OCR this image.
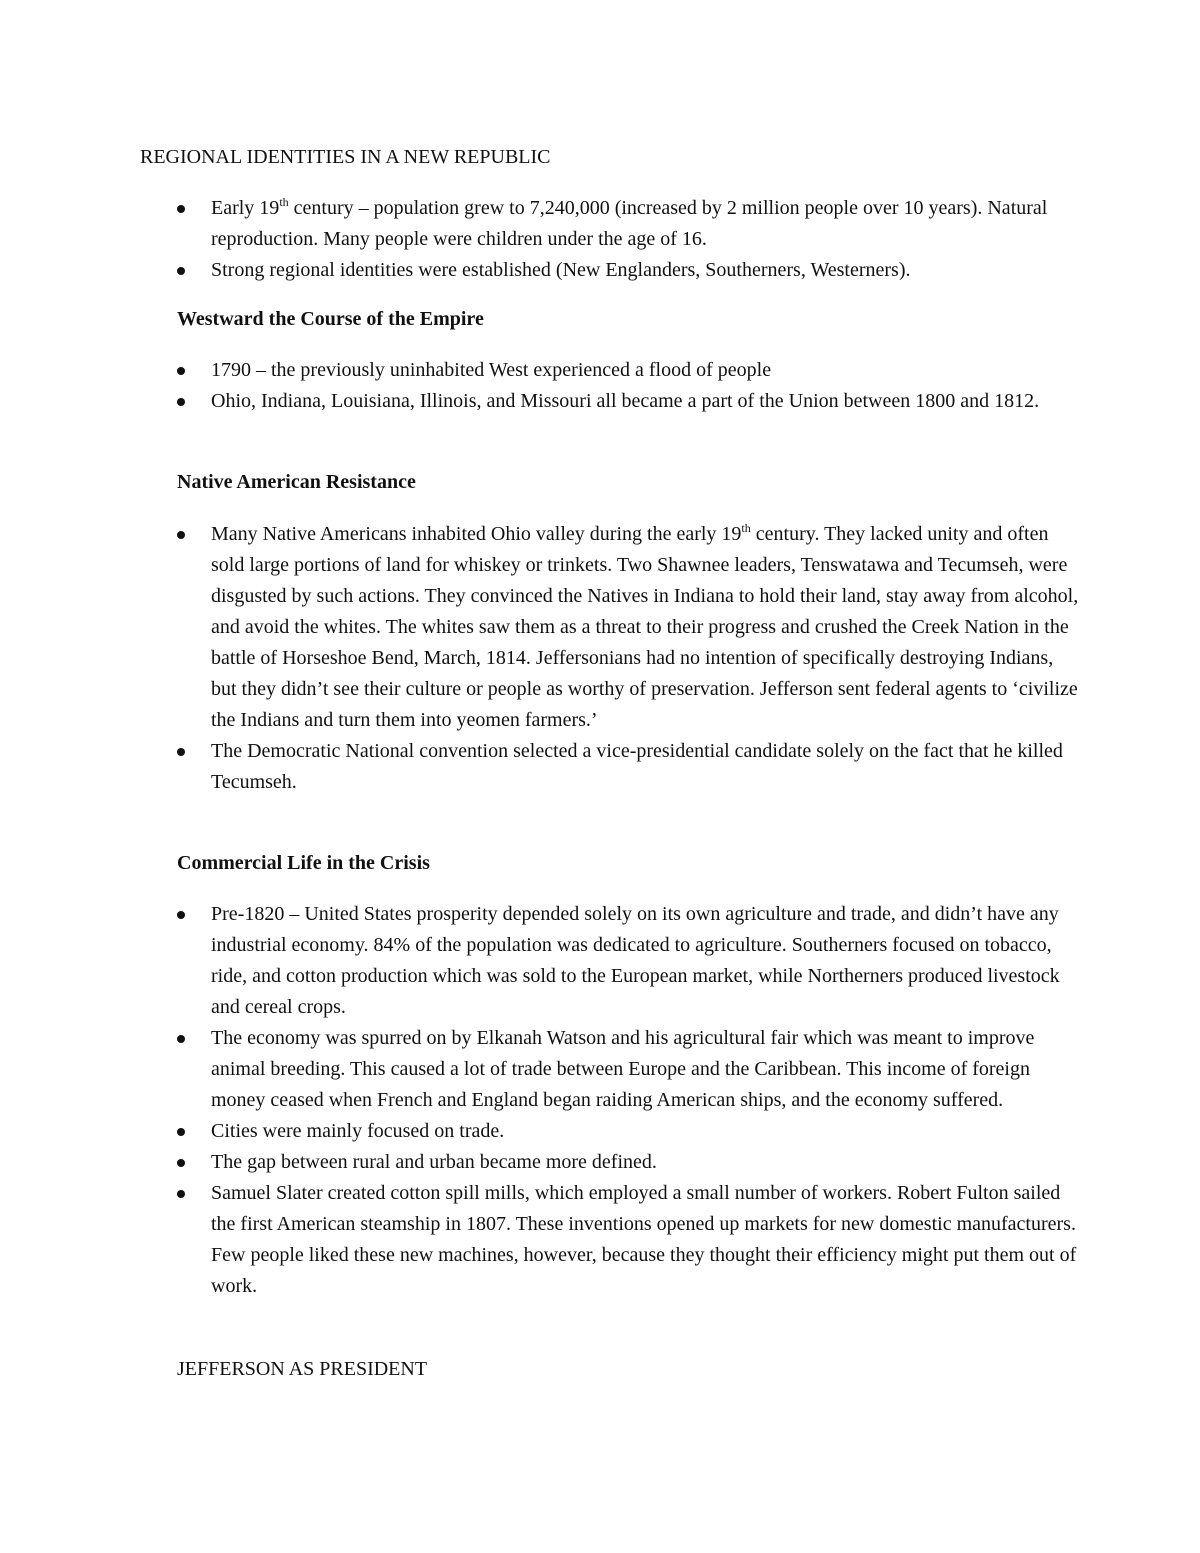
REGIONAL IDENTITIES IN A NEW REPUBLIC
Early 19th century – population grew to 7,240,000 (increased by 2 million people over 10 years). Natural reproduction. Many people were children under the age of 16.
Strong regional identities were established (New Englanders, Southerners, Westerners).
Westward the Course of the Empire
1790 – the previously uninhabited West experienced a flood of people
Ohio, Indiana, Louisiana, Illinois, and Missouri all became a part of the Union between 1800 and 1812.
Native American Resistance
Many Native Americans inhabited Ohio valley during the early 19th century. They lacked unity and often sold large portions of land for whiskey or trinkets. Two Shawnee leaders, Tenswatawa and Tecumseh, were disgusted by such actions. They convinced the Natives in Indiana to hold their land, stay away from alcohol, and avoid the whites. The whites saw them as a threat to their progress and crushed the Creek Nation in the battle of Horseshoe Bend, March, 1814. Jeffersonians had no intention of specifically destroying Indians, but they didn’t see their culture or people as worthy of preservation. Jefferson sent federal agents to ‘civilize the Indians and turn them into yeomen farmers.’
The Democratic National convention selected a vice-presidential candidate solely on the fact that he killed Tecumseh.
Commercial Life in the Crisis
Pre-1820 – United States prosperity depended solely on its own agriculture and trade, and didn’t have any industrial economy. 84% of the population was dedicated to agriculture. Southerners focused on tobacco, ride, and cotton production which was sold to the European market, while Northerners produced livestock and cereal crops.
The economy was spurred on by Elkanah Watson and his agricultural fair which was meant to improve animal breeding. This caused a lot of trade between Europe and the Caribbean. This income of foreign money ceased when French and England began raiding American ships, and the economy suffered.
Cities were mainly focused on trade.
The gap between rural and urban became more defined.
Samuel Slater created cotton spill mills, which employed a small number of workers. Robert Fulton sailed the first American steamship in 1807. These inventions opened up markets for new domestic manufacturers. Few people liked these new machines, however, because they thought their efficiency might put them out of work.
JEFFERSON AS PRESIDENT
